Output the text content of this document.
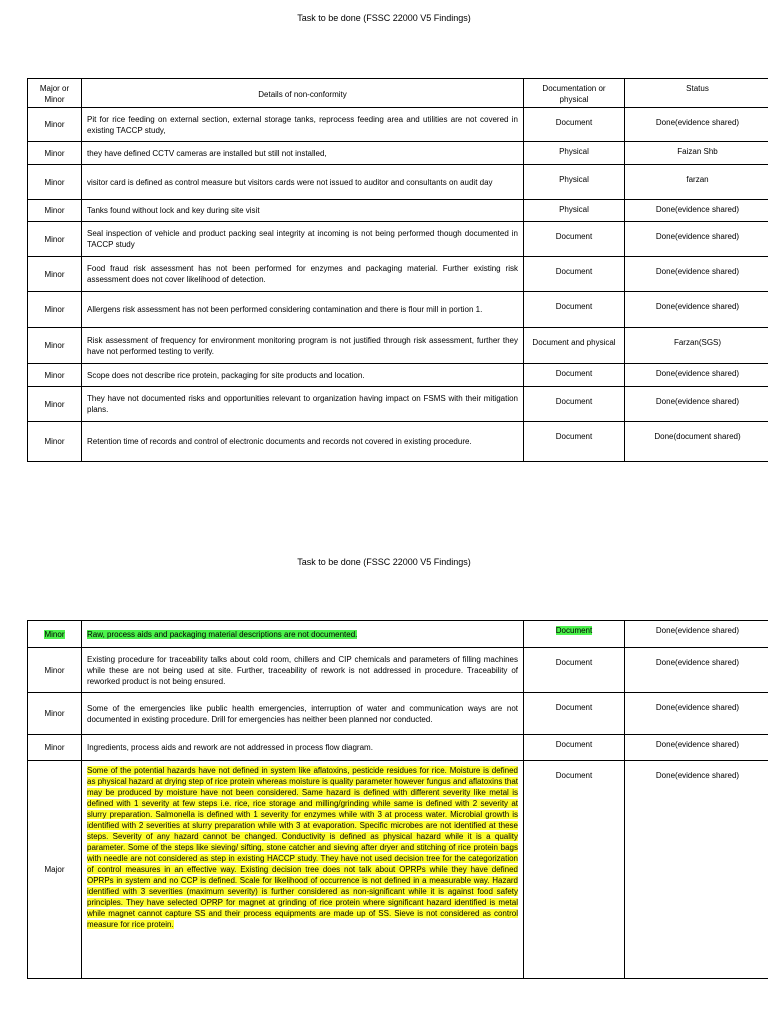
Task to be done (FSSC 22000 V5 Findings)
Major or Minor	Details of non-conformity	Documentation or physical	Status
Minor	Pit for rice feeding on external section, external storage tanks, reprocess feeding area and utilities are not covered in existing TACCP study,	Document	Done(evidence shared)
Minor	they have defined CCTV cameras are installed but still not installed,	Physical	Faizan Shb
Minor	visitor card is defined as control measure but visitors cards were not issued to auditor and consultants on audit day	Physical	farzan
Minor	Tanks found without lock and key during site visit	Physical	Done(evidence shared)
Minor	Seal inspection of vehicle and product packing seal integrity at incoming is not being performed though documented in TACCP study	Document	Done(evidence shared)
Minor	Food fraud risk assessment has not been performed for enzymes and packaging material. Further existing risk assessment does not cover likelihood of detection.	Document	Done(evidence shared)
Minor	Allergens risk assessment has not been performed considering contamination and there is flour mill in portion 1.	Document	Done(evidence shared)
Minor	Risk assessment of frequency for environment monitoring program is not justified through risk assessment, further they have not performed testing to verify.	Document and physical	Farzan(SGS)
Minor	Scope does not describe rice protein, packaging for site products and location.	Document	Done(evidence shared)
Minor	They have not documented risks and opportunities relevant to organization having impact on FSMS with their mitigation plans.	Document	Done(evidence shared)
Minor	Retention time of records and control of electronic documents and records not covered in existing procedure.	Document	Done(document shared)
Task to be done (FSSC 22000 V5 Findings)
Minor	Raw, process aids and packaging material descriptions are not documented.	Document	Done(evidence shared)
Minor	Existing procedure for traceability talks about cold room, chillers and CIP chemicals and parameters of filling machines while these are not being used at site. Further, traceability of rework is not addressed in procedure. Traceability of reworked product is not being ensured.	Document	Done(evidence shared)
Minor	Some of the emergencies like public health emergencies, interruption of water and communication ways are not documented in existing procedure. Drill for emergencies has neither been planned nor conducted.	Document	Done(evidence shared)
Minor	Ingredients, process aids and rework are not addressed in process flow diagram.	Document	Done(evidence shared)
Major	Some of the potential hazards have not defined in system like aflatoxins, pesticide residues for rice. Moisture is defined as physical hazard at drying step of rice protein whereas moisture is quality parameter however fungus and aflatoxins that may be produced by moisture have not been considered. Same hazard is defined with different severity like metal is defined with 1 severity at few steps i.e. rice, rice storage and milling/grinding while same is defined with 2 severity at slurry preparation. Salmonella is defined with 1 severity for enzymes while with 3 at process water. Microbial growth is identified with 2 severities at slurry preparation while with 3 at evaporation. Specific microbes are not identified at these steps. Severity of any hazard cannot be changed. Conductivity is defined as physical hazard while it is a quality parameter. Some of the steps like sieving/ sifting, stone catcher and sieving after dryer and stitching of rice protein bags with needle are not considered as step in existing HACCP study. They have not used decision tree for the categorization of control measures in an effective way. Existing decision tree does not talk about OPRPs while they have defined OPRPs in system and no CCP is defined. Scale for likelihood of occurrence is not defined in a measurable way. Hazard identified with 3 severities (maximum severity) is further considered as non-significant while it is against food safety principles. They have selected OPRP for magnet at grinding of rice protein where significant hazard identified is metal while magnet cannot capture SS and their process equipments are made up of SS. Sieve is not considered as control measure for rice protein.	Document	Done(evidence shared)
